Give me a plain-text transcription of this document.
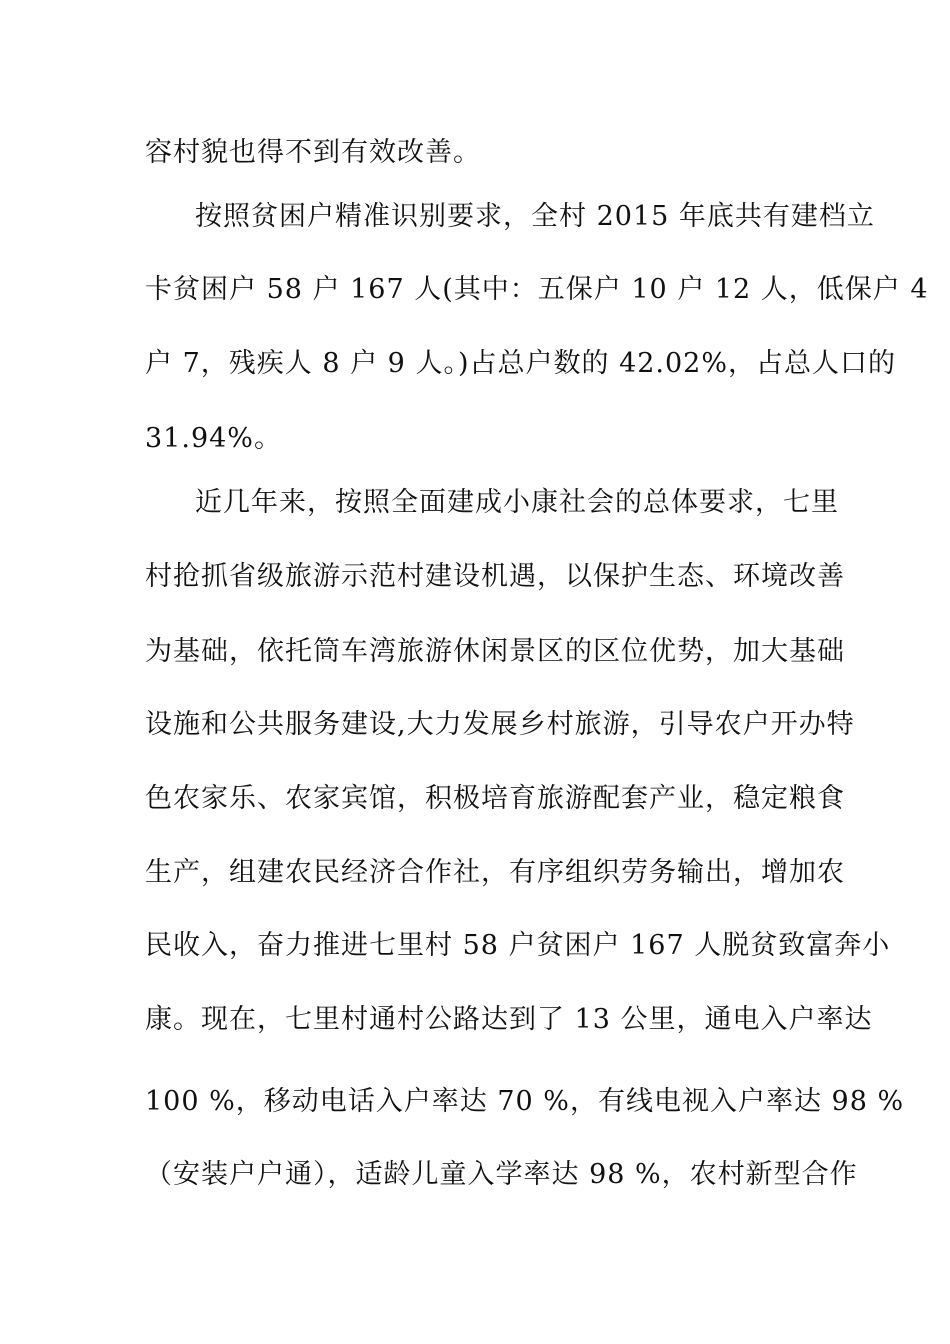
容村貌也得不到有效改善。
按照贫困户精准识别要求，全村 2015 年底共有建档立
卡贫困户 58 户 167 人(其中：五保户 10 户 12 人，低保户 4
户 7，残疾人 8 户 9 人。)占总户数的 42.02%，占总人口的
31.94%。
近几年来，按照全面建成小康社会的总体要求，七里
村抢抓省级旅游示范村建设机遇，以保护生态、环境改善
为基础，依托筒车湾旅游休闲景区的区位优势，加大基础
设施和公共服务建设,大力发展乡村旅游，引导农户开办特
色农家乐、农家宾馆，积极培育旅游配套产业，稳定粮食
生产，组建农民经济合作社，有序组织劳务输出，增加农
民收入，奋力推进七里村 58 户贫困户 167 人脱贫致富奔小
康。现在，七里村通村公路达到了 13 公里，通电入户率达
100 %，移动电话入户率达 70 %，有线电视入户率达 98 %
（安装户户通），适龄儿童入学率达 98 %，农村新型合作
